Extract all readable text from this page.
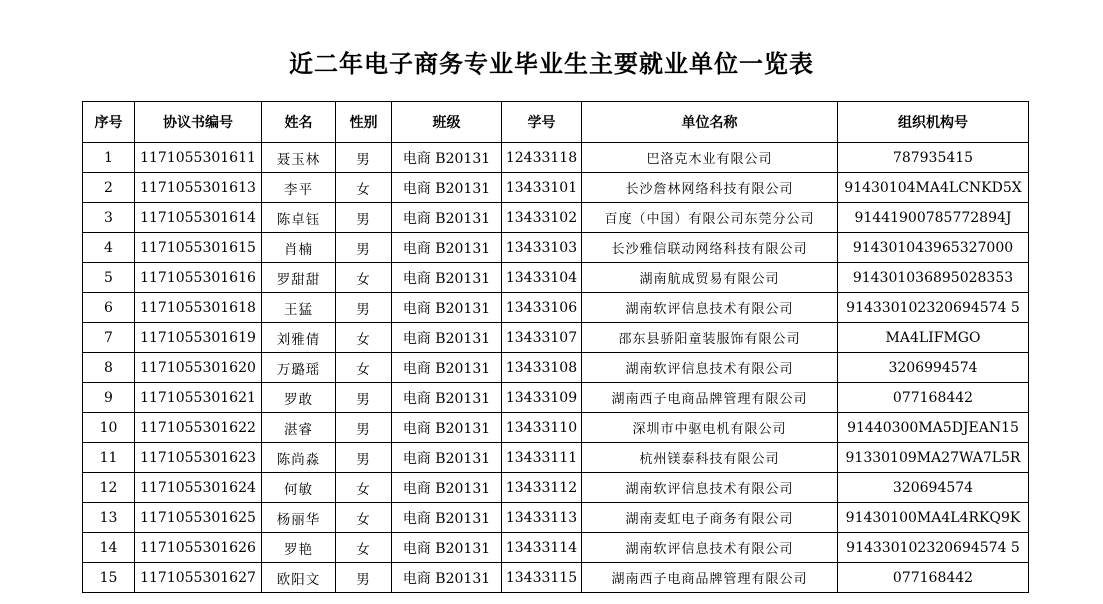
近二年电子商务专业毕业生主要就业单位一览表
序号	协议书编号	姓名	性别	班级	学号	单位名称	组织机构号
1	1171055301611	聂玉林	男	电商 B20131	12433118	巴洛克木业有限公司	787935415
2	1171055301613	李平	女	电商 B20131	13433101	长沙詹林网络科技有限公司	91430104MA4LCNKD5X
3	1171055301614	陈卓钰	男	电商 B20131	13433102	百度（中国）有限公司东莞分公司	91441900785772894J
4	1171055301615	肖楠	男	电商 B20131	13433103	长沙雅信联动网络科技有限公司	914301043965327000
5	1171055301616	罗甜甜	女	电商 B20131	13433104	湖南航成贸易有限公司	914301036895028353
6	1171055301618	王猛	男	电商 B20131	13433106	湖南软评信息技术有限公司	914330102320694574 5
7	1171055301619	刘雅倩	女	电商 B20131	13433107	邵东县骄阳童装服饰有限公司	MA4LIFMGO
8	1171055301620	万璐瑶	女	电商 B20131	13433108	湖南软评信息技术有限公司	3206994574
9	1171055301621	罗敢	男	电商 B20131	13433109	湖南西子电商品牌管理有限公司	077168442
10	1171055301622	湛睿	男	电商 B20131	13433110	深圳市中驱电机有限公司	91440300MA5DJEAN15
11	1171055301623	陈尚淼	男	电商 B20131	13433111	杭州镁泰科技有限公司	91330109MA27WA7L5R
12	1171055301624	何敏	女	电商 B20131	13433112	湖南软评信息技术有限公司	320694574
13	1171055301625	杨丽华	女	电商 B20131	13433113	湖南麦虹电子商务有限公司	91430100MA4L4RKQ9K
14	1171055301626	罗艳	女	电商 B20131	13433114	湖南软评信息技术有限公司	914330102320694574 5
15	1171055301627	欧阳文	男	电商 B20131	13433115	湖南西子电商品牌管理有限公司	077168442
